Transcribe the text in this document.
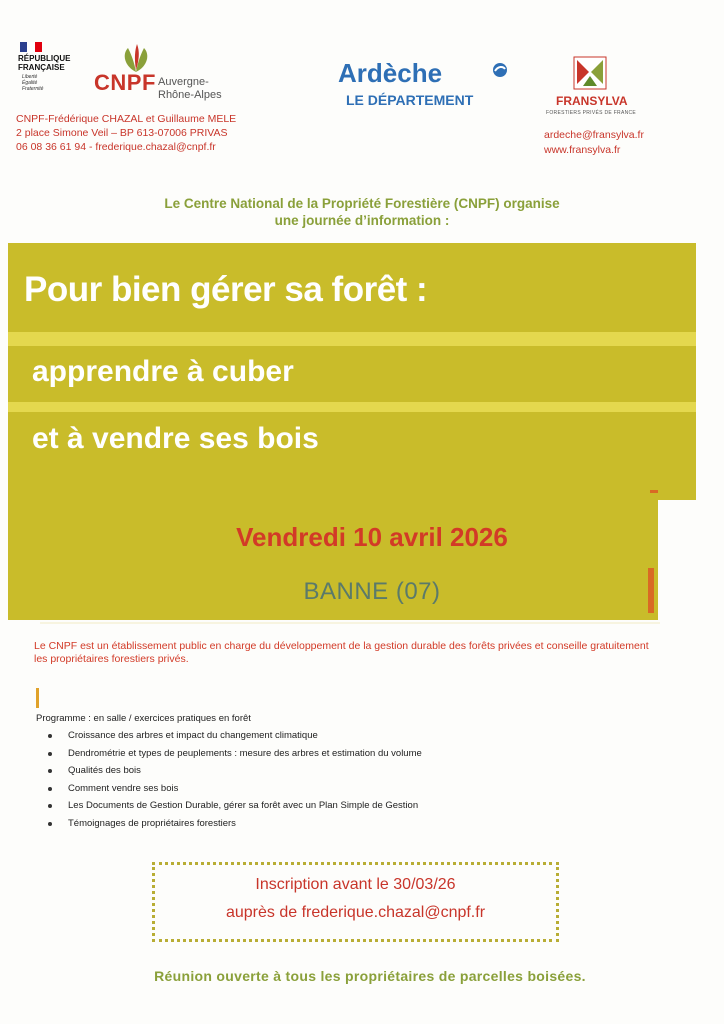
RÉPUBLIQUE
FRANÇAISE
Liberté
Égalité
Fraternité CNPF Auvergne-
Rhône-Alpes
CNPF-Frédérique CHAZAL et Guillaume MELE
2 place Simone Veil – BP 613-07006 PRIVAS
06 08 36 61 94 - frederique.chazal@cnpf.fr
Ardèche
LE DÉPARTEMENT	FRANSYLVA
FORESTIERS PRIVÉS DE FRANCE
ardeche@fransylva.fr
www.fransylva.fr
Le Centre National de la Propriété Forestière (CNPF) organise
une journée d’information :
Pour bien gérer sa forêt :
apprendre à cuber
et à vendre ses bois
Vendredi 10 avril 2026
BANNE (07)
Le CNPF est un établissement public en charge du développement de la gestion durable des forêts privées et conseille gratuitement les propriétaires forestiers privés.
Programme : en salle / exercices pratiques en forêt
Croissance des arbres et impact du changement climatique
Dendrométrie et types de peuplements : mesure des arbres et estimation du volume
Qualités des bois
Comment vendre ses bois
Les Documents de Gestion Durable, gérer sa forêt avec un Plan Simple de Gestion
Témoignages de propriétaires forestiers
Inscription avant le 30/03/26
auprès de frederique.chazal@cnpf.fr
Réunion ouverte à tous les propriétaires de parcelles boisées.
